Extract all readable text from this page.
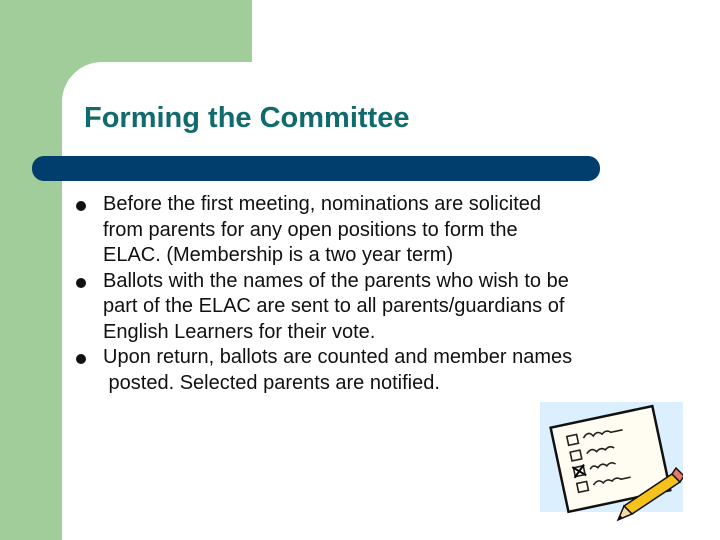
Forming the Committee
Before the first meeting, nominations are solicited
from parents for any open positions to form the
ELAC. (Membership is a two year term)
Ballots with the names of the parents who wish to be
part of the ELAC are sent to all parents/guardians of
English Learners for their vote.
Upon return, ballots are counted and member names
posted. Selected parents are notified.
